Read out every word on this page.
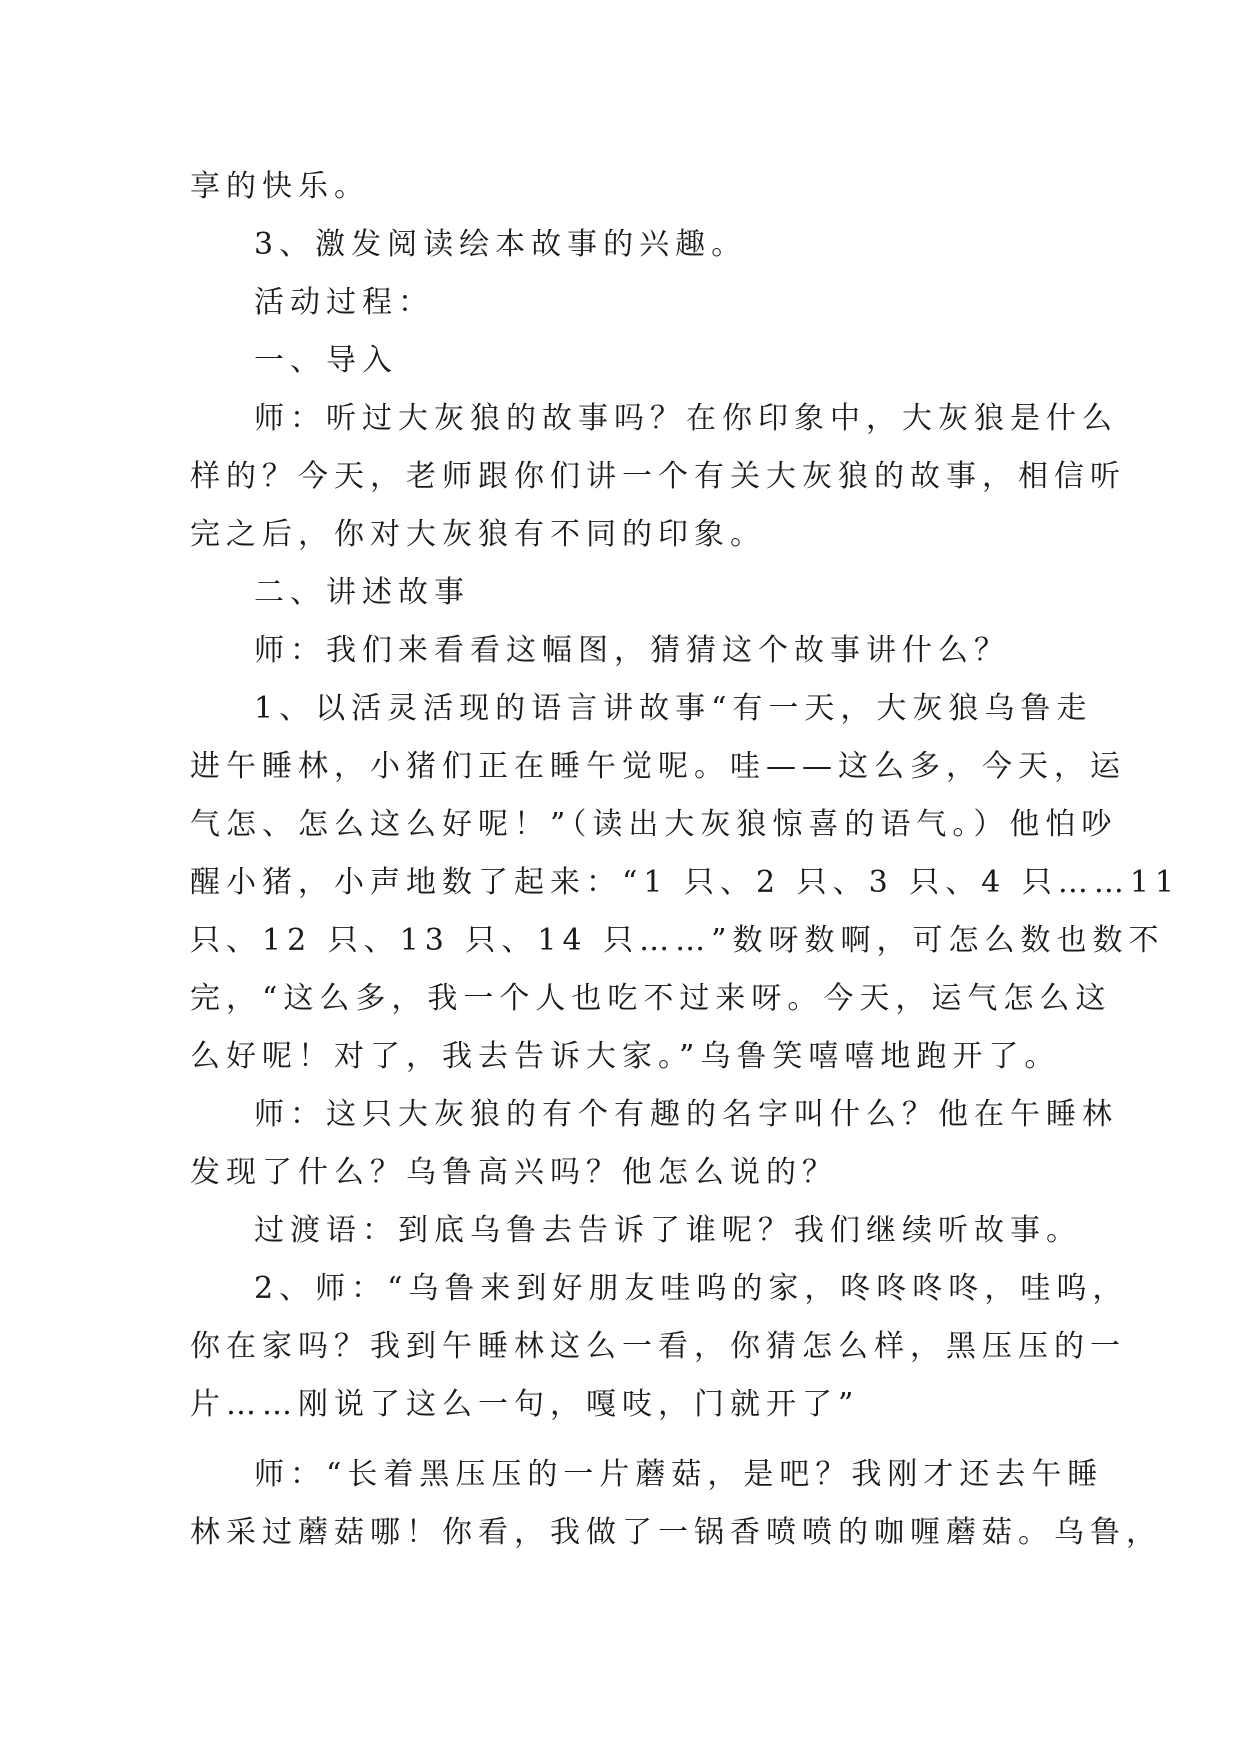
享的快乐。
3、激发阅读绘本故事的兴趣。
活动过程：
一、导入
师：听过大灰狼的故事吗？在你印象中，大灰狼是什么
样的？今天，老师跟你们讲一个有关大灰狼的故事，相信听
完之后，你对大灰狼有不同的印象。
二、讲述故事
师：我们来看看这幅图，猜猜这个故事讲什么？
1、以活灵活现的语言讲故事“有一天，大灰狼乌鲁走
进午睡林，小猪们正在睡午觉呢。哇——这么多，今天，运
气怎、怎么这么好呢！”（读出大灰狼惊喜的语气。）他怕吵
醒小猪，小声地数了起来：“1 只、2 只、3 只、4 只……11
只、12 只、13 只、14 只……”数呀数啊，可怎么数也数不
完，“这么多，我一个人也吃不过来呀。今天，运气怎么这
么好呢！对了，我去告诉大家。”乌鲁笑嘻嘻地跑开了。
师：这只大灰狼的有个有趣的名字叫什么？他在午睡林
发现了什么？乌鲁高兴吗？他怎么说的？
过渡语：到底乌鲁去告诉了谁呢？我们继续听故事。
2、师：“乌鲁来到好朋友哇呜的家，咚咚咚咚，哇呜，
你在家吗？我到午睡林这么一看，你猜怎么样，黑压压的一
片……刚说了这么一句，嘎吱，门就开了”
师：“长着黑压压的一片蘑菇，是吧？我刚才还去午睡
林采过蘑菇哪！你看，我做了一锅香喷喷的咖喱蘑菇。乌鲁，
